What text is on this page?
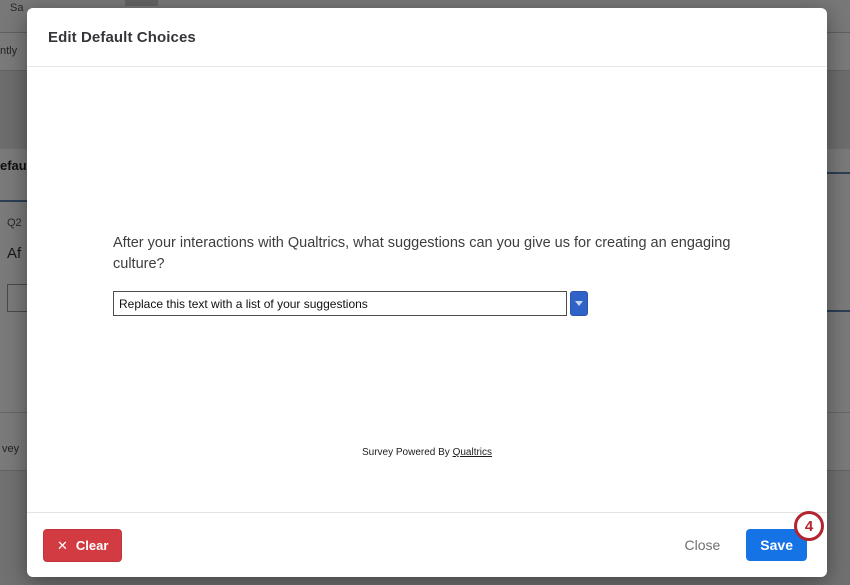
Edit Default Choices
After your interactions with Qualtrics, what suggestions can you give us for creating an engaging culture?
Replace this text with a list of your suggestions
Survey Powered By Qualtrics
✕ Clear	Close	Save
4
